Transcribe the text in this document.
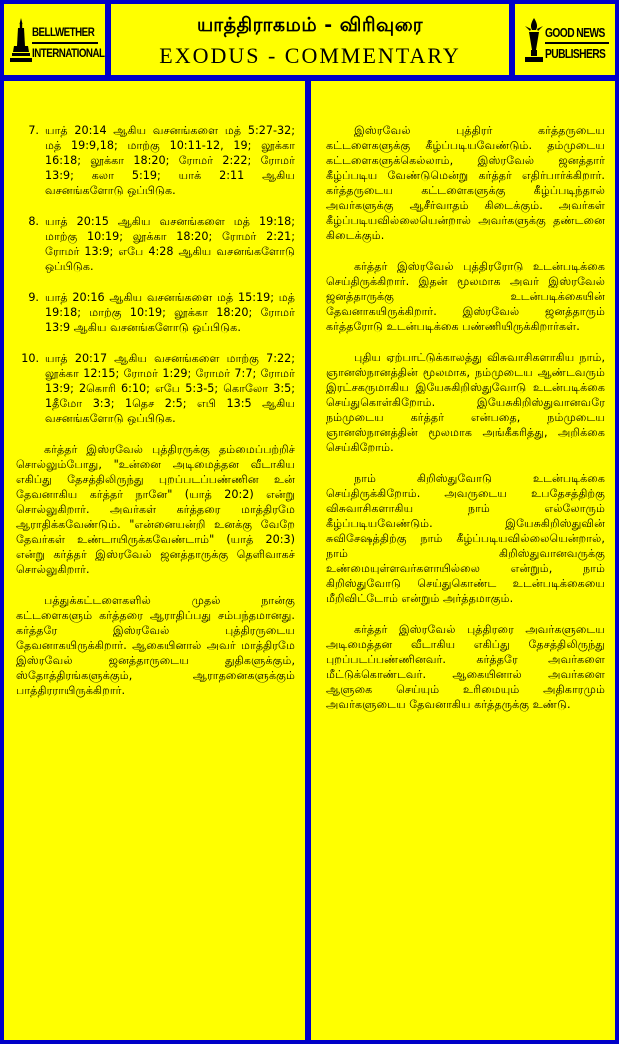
BELLWETHER
INTERNATIONAL
யாத்திராகமம் - விரிவுரை
EXODUS - COMMENTARY
GOOD NEWS
PUBLISHERS
7. யாத் 20:14 ஆகிய வசனங்களை மத் 5:27-32; மத் 19:9,18; மாற்கு 10:11-12, 19; லூக்கா 16:18; லூக்கா 18:20; ரோமர் 2:22; ரோமர் 13:9; கலா 5:19; யாக் 2:11 ஆகிய வசனங்களோடு ஒப்பிடுக.
8. யாத் 20:15 ஆகிய வசனங்களை மத் 19:18; மாற்கு 10:19; லூக்கா 18:20; ரோமர் 2:21; ரோமர் 13:9; எபே 4:28 ஆகிய வசனங்களோடு ஒப்பிடுக.
9. யாத் 20:16 ஆகிய வசனங்களை மத் 15:19; மத் 19:18; மாற்கு 10:19; லூக்கா 18:20; ரோமர் 13:9 ஆகிய வசனங்களோடு ஒப்பிடுக.
10. யாத் 20:17 ஆகிய வசனங்களை மாற்கு 7:22; லூக்கா 12:15; ரோமர் 1:29; ரோமர் 7:7; ரோமர் 13:9; 2கொரி 6:10; எபே 5:3-5; கொலோ 3:5; 1தீமோ 3:3; 1தெச 2:5; எபி 13:5 ஆகிய வசனங்களோடு ஒப்பிடுக.

கர்த்தர் இஸ்ரவேல் புத்திரருக்கு தம்மைப்பற்றிச் சொல்லும்போது, "உன்னை அடிமைத்தன வீடாகிய எகிப்து தேசத்திலிருந்து புறப்படப்பண்ணின உன் தேவனாகிய கர்த்தர் நானே" (யாத் 20:2) என்று சொல்லுகிறார். அவர்கள் கர்த்தரை மாத்திரமே ஆராதிக்கவேண்டும். "என்னையன்றி உனக்கு வேறே தேவர்கள் உண்டாயிருக்கவேண்டாம்" (யாத் 20:3) என்று கர்த்தர் இஸ்ரவேல் ஜனத்தாருக்கு தெளிவாகச் சொல்லுகிறார்.

பத்துக்கட்டளைகளில் முதல் நான்கு கட்டளைகளும் கர்த்தரை ஆராதிப்பது சம்பந்தமானது. கர்த்தரே இஸ்ரவேல் புத்திரருடைய தேவனாகயிருக்கிறார். ஆகையினால் அவர் மாத்திரமே இஸ்ரவேல் ஜனத்தாருடைய துதிகளுக்கும், ஸ்தோத்திரங்களுக்கும், ஆராதனைகளுக்கும் பாத்திரராயிருக்கிறார்.

இஸ்ரவேல் புத்திரர் கர்த்தருடைய கட்டளைகளுக்கு கீழ்ப்படியவேண்டும். தம்முடைய கட்டளைகளுக்கெல்லாம், இஸ்ரவேல் ஜனத்தார் கீழ்ப்படிய வேண்டுமென்று கர்த்தர் எதிர்பார்க்கிறார். கர்த்தருடைய கட்டளைகளுக்கு கீழ்ப்படிந்தால் அவர்களுக்கு ஆசீர்வாதம் கிடைக்கும். அவர்கள் கீழ்ப்படியவில்லையென்றால் அவர்களுக்கு தண்டனை கிடைக்கும்.

கர்த்தர் இஸ்ரவேல் புத்திரரோடு உடன்படிக்கை செய்திருக்கிறார். இதன் மூலமாக அவர் இஸ்ரவேல் ஜனத்தாருக்கு உடன்படிக்கையின் தேவனாகயிருக்கிறார். இஸ்ரவேல் ஜனத்தாரும் கர்த்தரோடு உடன்படிக்கை பண்ணியிருக்கிறார்கள்.

புதிய ஏற்பாட்டுக்காலத்து விசுவாசிகளாகிய நாம், ஞானஸ்நானத்தின் மூலமாக, நம்முடைய ஆண்டவரும் இரட்சகருமாகிய இயேசுகிறிஸ்துவோடு உடன்படிக்கை செய்துகொள்கிறோம். இயேசுகிறிஸ்துவானவரே நம்முடைய கர்த்தர் என்பதை, நம்முடைய ஞானஸ்நானத்தின் மூலமாக அங்கீகரித்து, அறிக்கை செய்கிறோம்.

நாம் கிறிஸ்துவோடு உடன்படிக்கை செய்திருக்கிறோம். அவருடைய உபதேசத்திற்கு விசுவாசிகளாகிய நாம் எல்லோரும் கீழ்ப்படியவேண்டும். இயேசுகிறிஸ்துவின் சுவிசேஷத்திற்கு நாம் கீழ்ப்படியவில்லையென்றால், நாம் கிறிஸ்துவானவருக்கு உண்மையுள்ளவர்களாயில்லை என்றும், நாம் கிறிஸ்துவோடு செய்துகொண்ட உடன்படிக்கையை மீறிவிட்டோம் என்றும் அர்த்தமாகும்.

கர்த்தர் இஸ்ரவேல் புத்திரரை அவர்களுடைய அடிமைத்தன வீடாகிய எகிப்து தேசத்திலிருந்து புறப்படப்பண்ணினவர். கர்த்தரே அவர்களை மீட்டுக்கொண்டவர். ஆகையினால் அவர்களை ஆளுகை செய்யும் உரிமையும் அதிகாரமும் அவர்களுடைய தேவனாகிய கர்த்தருக்கு உண்டு.
